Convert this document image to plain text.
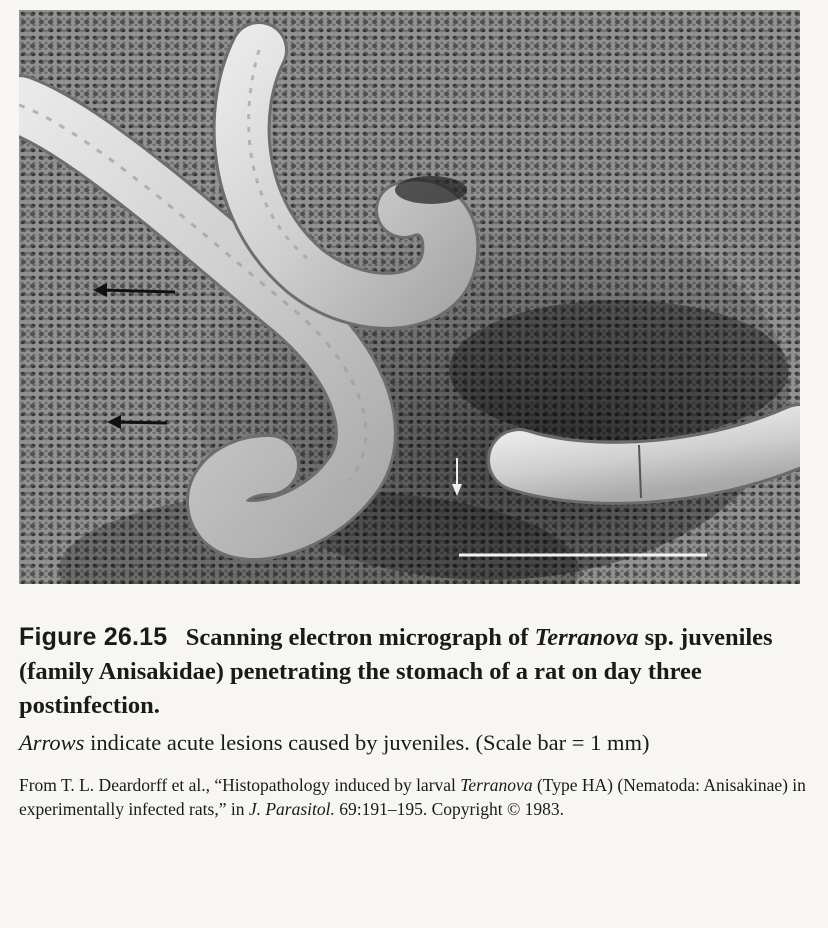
Figure 26.15 Scanning electron micrograph of Terranova sp. juveniles (family Anisakidae) penetrating the stomach of a rat on day three postinfection.

Arrows indicate acute lesions caused by juveniles. (Scale bar = 1 mm)

From T. L. Deardorff et al., “Histopathology induced by larval Terranova (Type HA) (Nematoda: Anisakinae) in experimentally infected rats,” in J. Parasitol. 69:191–195. Copyright © 1983.
